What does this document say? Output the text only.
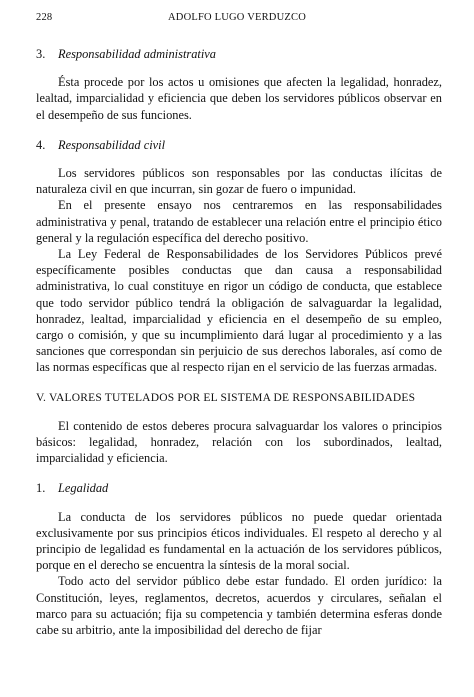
228	ADOLFO LUGO VERDUZCO
3. Responsabilidad administrativa

Ésta procede por los actos u omisiones que afecten la legalidad, honradez, lealtad, imparcialidad y eficiencia que deben los servidores públicos observar en el desempeño de sus funciones.

4. Responsabilidad civil

Los servidores públicos son responsables por las conductas ilícitas de naturaleza civil en que incurran, sin gozar de fuero o impunidad.

En el presente ensayo nos centraremos en las responsabilidades administrativa y penal, tratando de establecer una relación entre el principio ético general y la regulación específica del derecho positivo.

La Ley Federal de Responsabilidades de los Servidores Públicos prevé específicamente posibles conductas que dan causa a responsabilidad administrativa, lo cual constituye en rigor un código de conducta, que establece que todo servidor público tendrá la obligación de salvaguardar la legalidad, honradez, lealtad, imparcialidad y eficiencia en el desempeño de su empleo, cargo o comisión, y que su incumplimiento dará lugar al procedimiento y a las sanciones que correspondan sin perjuicio de sus derechos laborales, así como de las normas específicas que al respecto rijan en el servicio de las fuerzas armadas.

V. VALORES TUTELADOS POR EL SISTEMA DE RESPONSABILIDADES

El contenido de estos deberes procura salvaguardar los valores o principios básicos: legalidad, honradez, relación con los subordinados, lealtad, imparcialidad y eficiencia.

1. Legalidad

La conducta de los servidores públicos no puede quedar orientada exclusivamente por sus principios éticos individuales. El respeto al derecho y al principio de legalidad es fundamental en la actuación de los servidores públicos, porque en el derecho se encuentra la síntesis de la moral social.

Todo acto del servidor público debe estar fundado. El orden jurídico: la Constitución, leyes, reglamentos, decretos, acuerdos y circulares, señalan el marco para su actuación; fija su competencia y también determina esferas donde cabe su arbitrio, ante la imposibilidad del derecho de fijar
